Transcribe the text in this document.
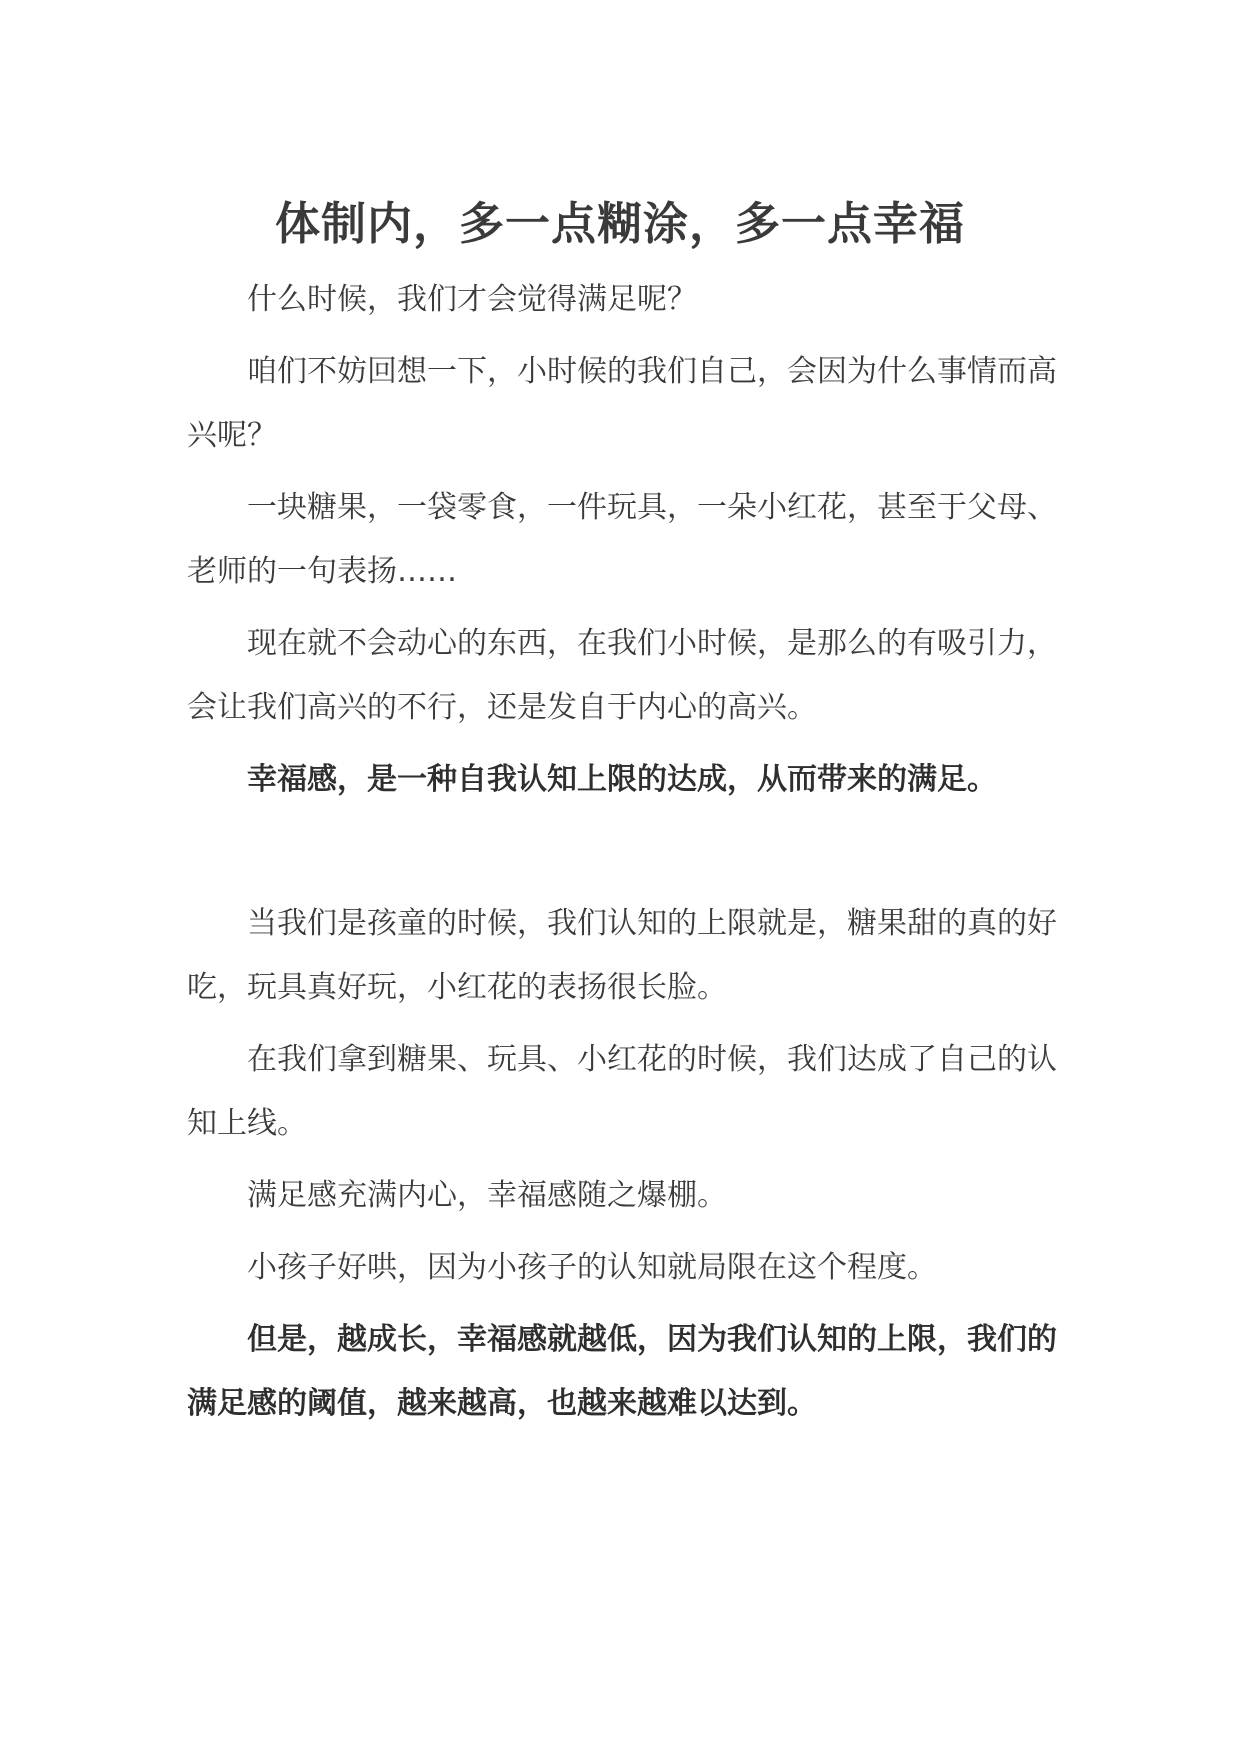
体制内，多一点糊涂，多一点幸福

什么时候，我们才会觉得满足呢？

咱们不妨回想一下，小时候的我们自己，会因为什么事情而高兴呢？

一块糖果，一袋零食，一件玩具，一朵小红花，甚至于父母、老师的一句表扬……

现在就不会动心的东西，在我们小时候，是那么的有吸引力，会让我们高兴的不行，还是发自于内心的高兴。

幸福感，是一种自我认知上限的达成，从而带来的满足。

当我们是孩童的时候，我们认知的上限就是，糖果甜的真的好吃，玩具真好玩，小红花的表扬很长脸。

在我们拿到糖果、玩具、小红花的时候，我们达成了自己的认知上线。

满足感充满内心，幸福感随之爆棚。

小孩子好哄，因为小孩子的认知就局限在这个程度。

但是，越成长，幸福感就越低，因为我们认知的上限，我们的满足感的阈值，越来越高，也越来越难以达到。
